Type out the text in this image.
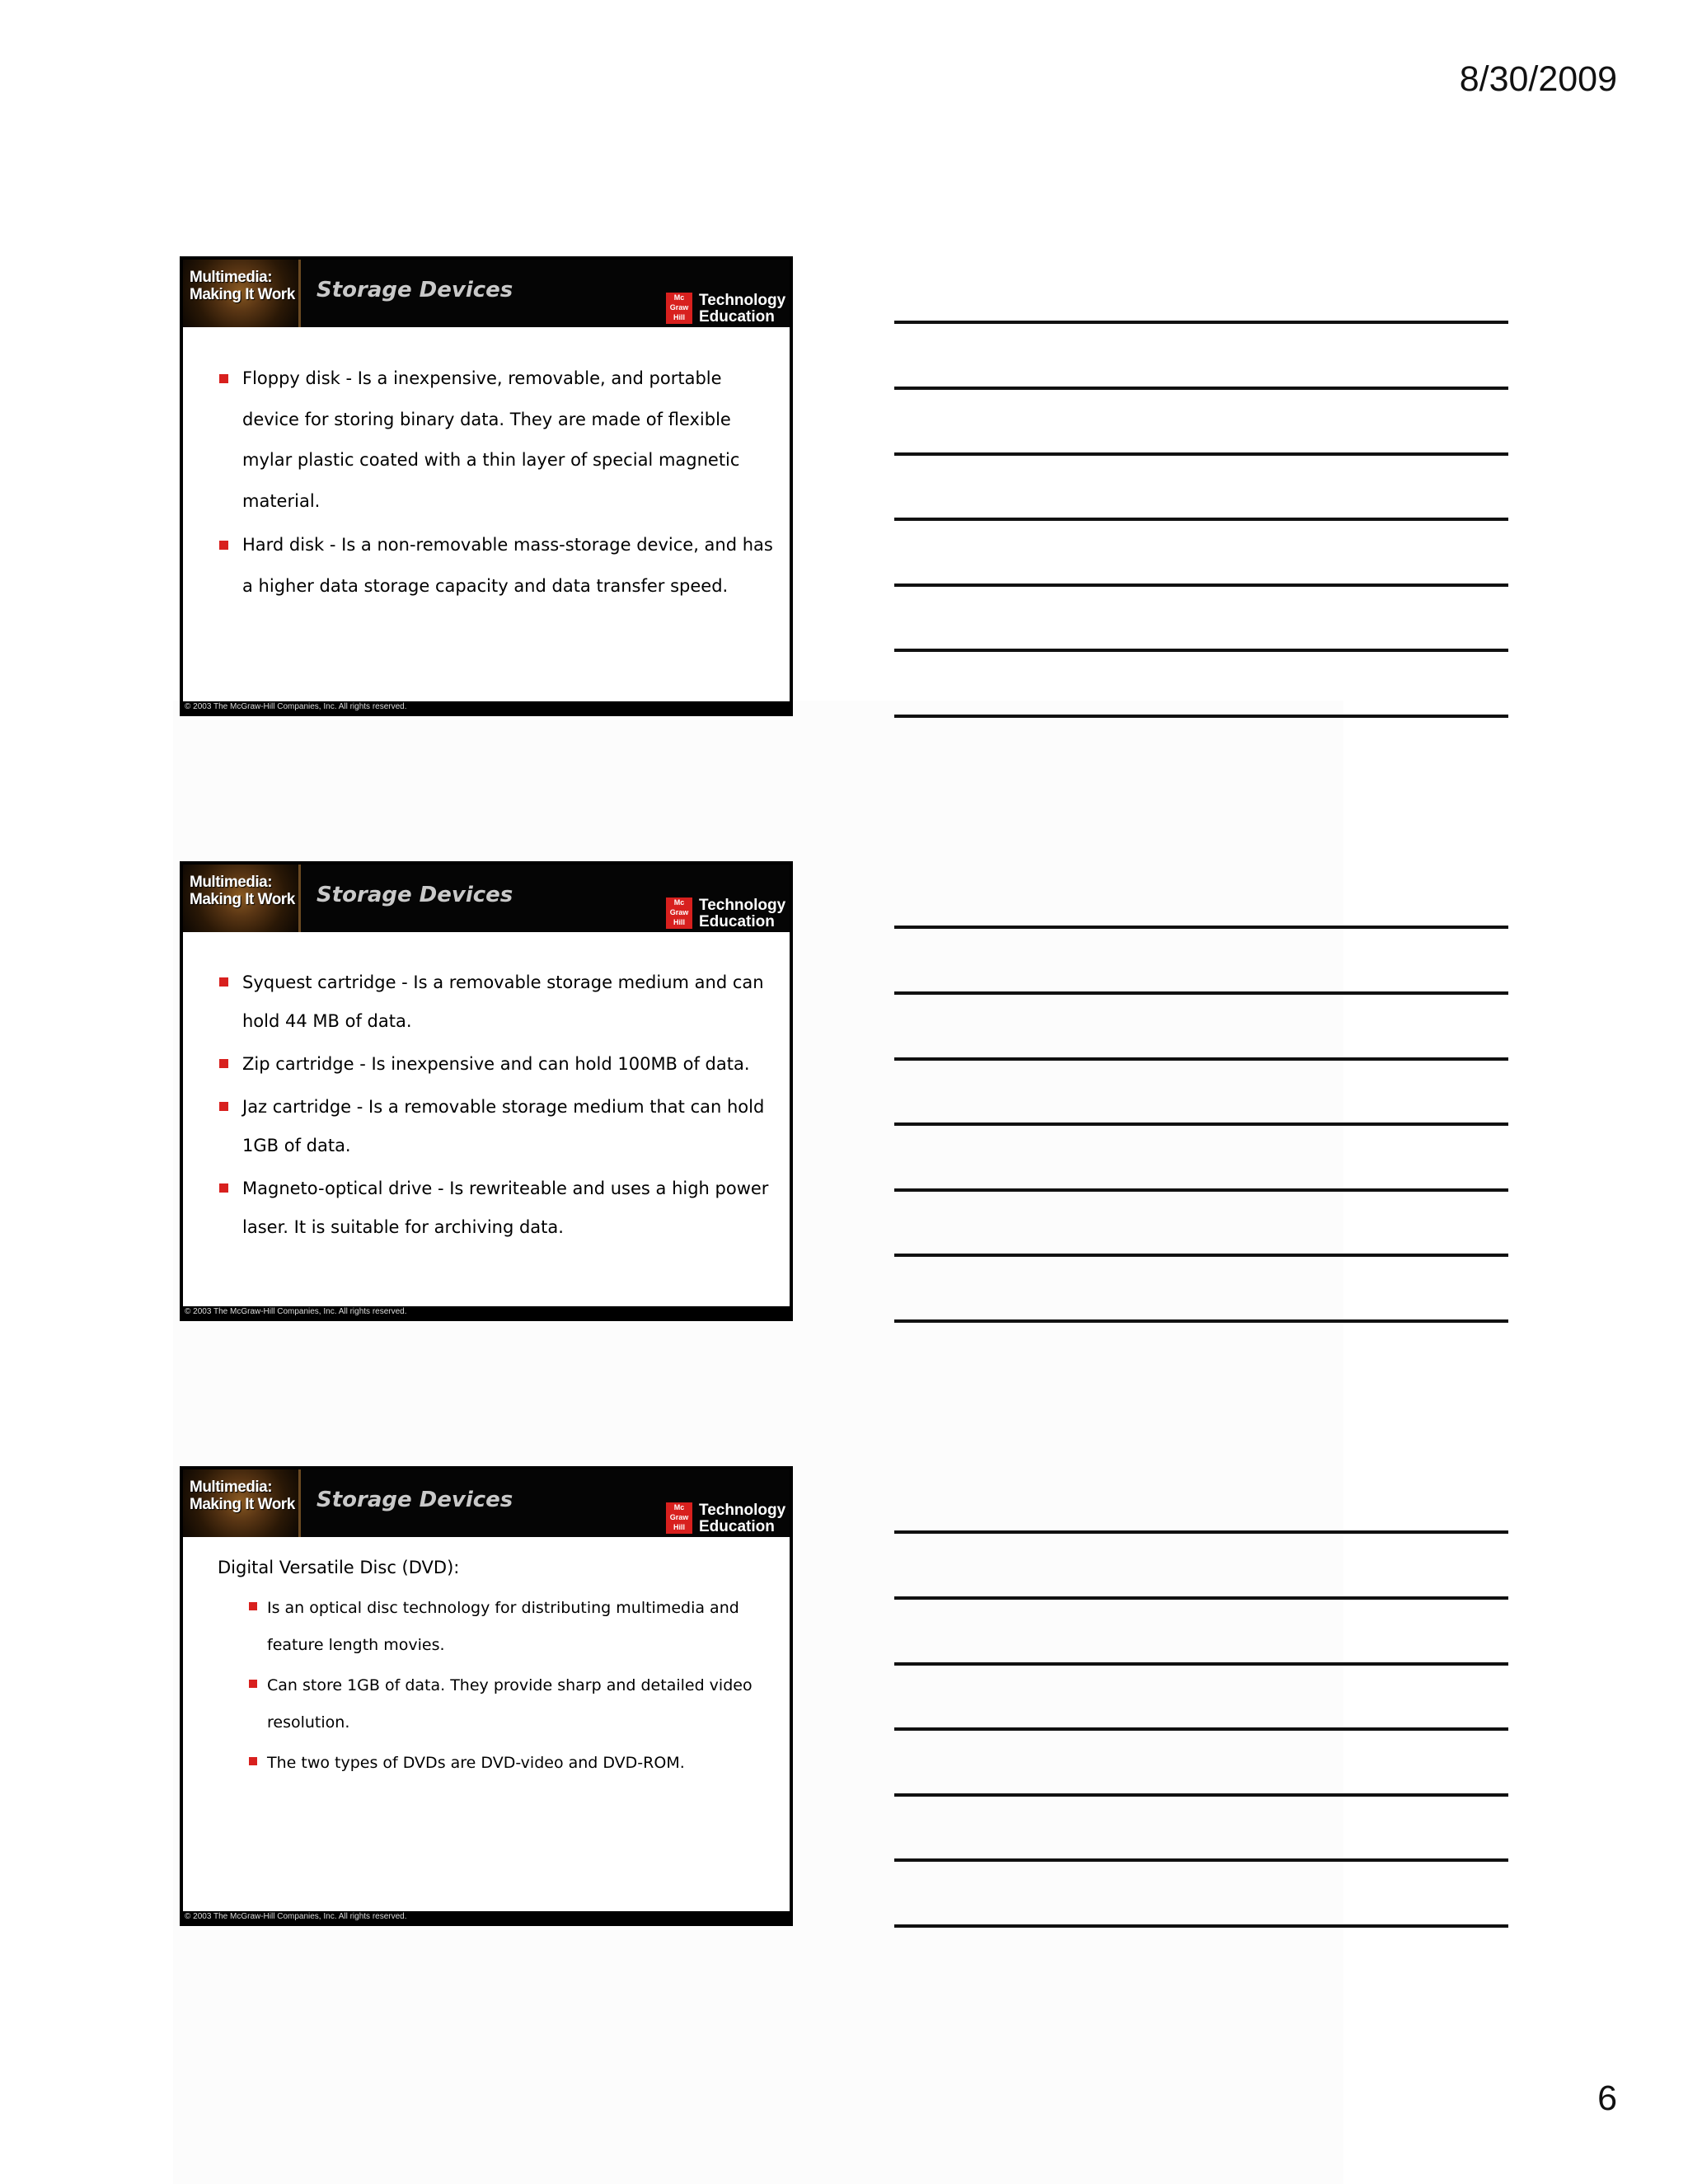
8/30/2009
Multimedia:
Making It Work Storage Devices	Mc Graw Hill
Technology
Education
Floppy disk - Is a inexpensive, removable, and portable device for storing binary data. They are made of flexible mylar plastic coated with a thin layer of special magnetic material.
Hard disk - Is a non-removable mass-storage device, and has a higher data storage capacity and data transfer speed.
© 2003 The McGraw-Hill Companies, Inc. All rights reserved.
Multimedia:
Making It Work Storage Devices	Mc Graw Hill
Technology
Education
Syquest cartridge - Is a removable storage medium and can hold 44 MB of data.
Zip cartridge - Is inexpensive and can hold 100MB of data.
Jaz cartridge - Is a removable storage medium that can hold 1GB of data.
Magneto-optical drive - Is rewriteable and uses a high power laser. It is suitable for archiving data.
© 2003 The McGraw-Hill Companies, Inc. All rights reserved.
Multimedia:
Making It Work Storage Devices	Mc Graw Hill
Technology
Education
Digital Versatile Disc (DVD):
Is an optical disc technology for distributing multimedia and feature length movies.
Can store 1GB of data. They provide sharp and detailed video resolution.
The two types of DVDs are DVD-video and DVD-ROM.
© 2003 The McGraw-Hill Companies, Inc. All rights reserved.
6
